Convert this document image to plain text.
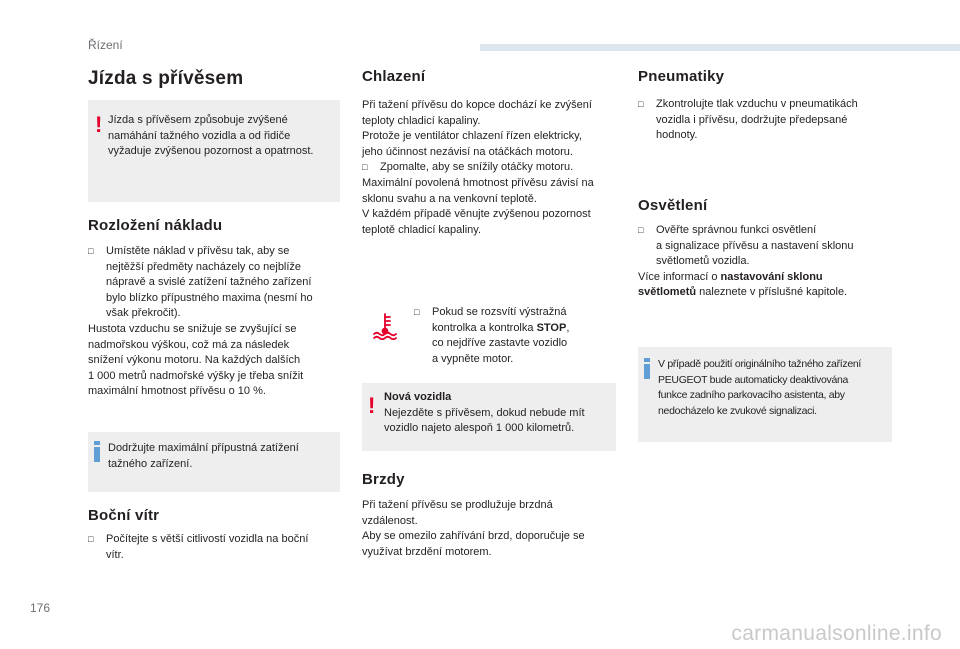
Řízení
Jízda s přívěsem
! Jízda s přívěsem způsobuje zvýšené
namáhání tažného vozidla a od řidiče
vyžaduje zvýšenou pozornost a opatrnost.
Rozložení nákladu
□ Umístěte náklad v přívěsu tak, aby se
nejtěžší předměty nacházely co nejblíže
nápravě a svislé zatížení tažného zařízení
bylo blízko přípustného maxima (nesmí ho
však překročit).
Hustota vzduchu se snižuje se zvyšující se
nadmořskou výškou, což má za následek
snížení výkonu motoru. Na každých dalších
1 000 metrů nadmořské výšky je třeba snížit
maximální hmotnost přívěsu o 10 %.
Dodržujte maximální přípustná zatížení
tažného zařízení.
Boční vítr
□ Počítejte s větší citlivostí vozidla na boční
vítr.
Chlazení
Při tažení přívěsu do kopce dochází ke zvýšení
teploty chladicí kapaliny.
Protože je ventilátor chlazení řízen elektricky,
jeho účinnost nezávisí na otáčkách motoru.
□ Zpomalte, aby se snížily otáčky motoru.
Maximální povolená hmotnost přívěsu závisí na
sklonu svahu a na venkovní teplotě.
V každém případě věnujte zvýšenou pozornost
teplotě chladicí kapaliny.
□ Pokud se rozsvítí výstražná
kontrolka a kontrolka STOP,
co nejdříve zastavte vozidlo
a vypněte motor.
! Nová vozidla
Nejezděte s přívěsem, dokud nebude mít
vozidlo najeto alespoň 1 000 kilometrů.
Brzdy
Při tažení přívěsu se prodlužuje brzdná
vzdálenost.
Aby se omezilo zahřívání brzd, doporučuje se
využívat brzdění motorem.
Pneumatiky
□ Zkontrolujte tlak vzduchu v pneumatikách
vozidla i přívěsu, dodržujte předepsané
hodnoty.
Osvětlení
□ Ověřte správnou funkci osvětlení
a signalizace přívěsu a nastavení sklonu
světlometů vozidla.
Více informací o nastavování sklonu
světlometů naleznete v příslušné kapitole.
V případě použití originálního tažného zařízení
PEUGEOT bude automaticky deaktivována
funkce zadního parkovacího asistenta, aby
nedocházelo ke zvukové signalizaci.
176
carmanualsonline.info
